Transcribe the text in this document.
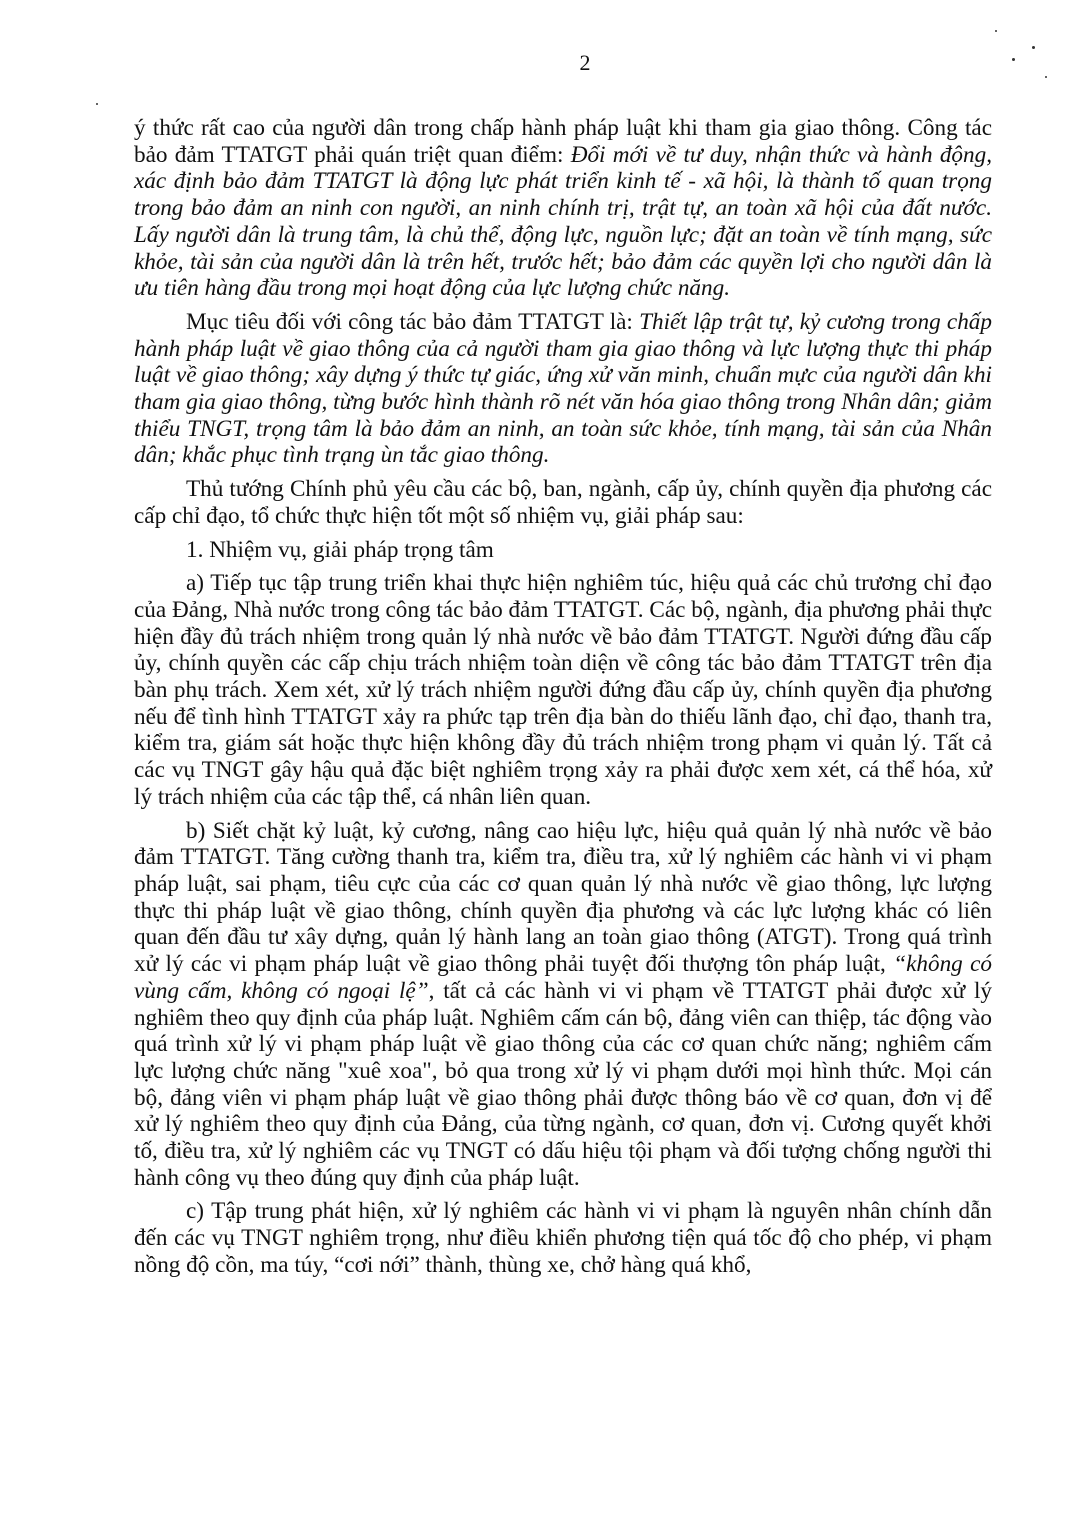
2

ý thức rất cao của người dân trong chấp hành pháp luật khi tham gia giao thông. Công tác bảo đảm TTATGT phải quán triệt quan điểm: Đổi mới về tư duy, nhận thức và hành động, xác định bảo đảm TTATGT là động lực phát triển kinh tế - xã hội, là thành tố quan trọng trong bảo đảm an ninh con người, an ninh chính trị, trật tự, an toàn xã hội của đất nước. Lấy người dân là trung tâm, là chủ thể, động lực, nguồn lực; đặt an toàn về tính mạng, sức khỏe, tài sản của người dân là trên hết, trước hết; bảo đảm các quyền lợi cho người dân là ưu tiên hàng đầu trong mọi hoạt động của lực lượng chức năng.

Mục tiêu đối với công tác bảo đảm TTATGT là: Thiết lập trật tự, kỷ cương trong chấp hành pháp luật về giao thông của cả người tham gia giao thông và lực lượng thực thi pháp luật về giao thông; xây dựng ý thức tự giác, ứng xử văn minh, chuẩn mực của người dân khi tham gia giao thông, từng bước hình thành rõ nét văn hóa giao thông trong Nhân dân; giảm thiểu TNGT, trọng tâm là bảo đảm an ninh, an toàn sức khỏe, tính mạng, tài sản của Nhân dân; khắc phục tình trạng ùn tắc giao thông.

Thủ tướng Chính phủ yêu cầu các bộ, ban, ngành, cấp ủy, chính quyền địa phương các cấp chỉ đạo, tổ chức thực hiện tốt một số nhiệm vụ, giải pháp sau:

1. Nhiệm vụ, giải pháp trọng tâm

a) Tiếp tục tập trung triển khai thực hiện nghiêm túc, hiệu quả các chủ trương chỉ đạo của Đảng, Nhà nước trong công tác bảo đảm TTATGT. Các bộ, ngành, địa phương phải thực hiện đầy đủ trách nhiệm trong quản lý nhà nước về bảo đảm TTATGT. Người đứng đầu cấp ủy, chính quyền các cấp chịu trách nhiệm toàn diện về công tác bảo đảm TTATGT trên địa bàn phụ trách. Xem xét, xử lý trách nhiệm người đứng đầu cấp ủy, chính quyền địa phương nếu để tình hình TTATGT xảy ra phức tạp trên địa bàn do thiếu lãnh đạo, chỉ đạo, thanh tra, kiểm tra, giám sát hoặc thực hiện không đầy đủ trách nhiệm trong phạm vi quản lý. Tất cả các vụ TNGT gây hậu quả đặc biệt nghiêm trọng xảy ra phải được xem xét, cá thể hóa, xử lý trách nhiệm của các tập thể, cá nhân liên quan.

b) Siết chặt kỷ luật, kỷ cương, nâng cao hiệu lực, hiệu quả quản lý nhà nước về bảo đảm TTATGT. Tăng cường thanh tra, kiểm tra, điều tra, xử lý nghiêm các hành vi vi phạm pháp luật, sai phạm, tiêu cực của các cơ quan quản lý nhà nước về giao thông, lực lượng thực thi pháp luật về giao thông, chính quyền địa phương và các lực lượng khác có liên quan đến đầu tư xây dựng, quản lý hành lang an toàn giao thông (ATGT). Trong quá trình xử lý các vi phạm pháp luật về giao thông phải tuyệt đối thượng tôn pháp luật, “không có vùng cấm, không có ngoại lệ”, tất cả các hành vi vi phạm về TTATGT phải được xử lý nghiêm theo quy định của pháp luật. Nghiêm cấm cán bộ, đảng viên can thiệp, tác động vào quá trình xử lý vi phạm pháp luật về giao thông của các cơ quan chức năng; nghiêm cấm lực lượng chức năng "xuê xoa", bỏ qua trong xử lý vi phạm dưới mọi hình thức. Mọi cán bộ, đảng viên vi phạm pháp luật về giao thông phải được thông báo về cơ quan, đơn vị để xử lý nghiêm theo quy định của Đảng, của từng ngành, cơ quan, đơn vị. Cương quyết khởi tố, điều tra, xử lý nghiêm các vụ TNGT có dấu hiệu tội phạm và đối tượng chống người thi hành công vụ theo đúng quy định của pháp luật.

c) Tập trung phát hiện, xử lý nghiêm các hành vi vi phạm là nguyên nhân chính dẫn đến các vụ TNGT nghiêm trọng, như điều khiển phương tiện quá tốc độ cho phép, vi phạm nồng độ cồn, ma túy, “cơi nới” thành, thùng xe, chở hàng quá khổ,
